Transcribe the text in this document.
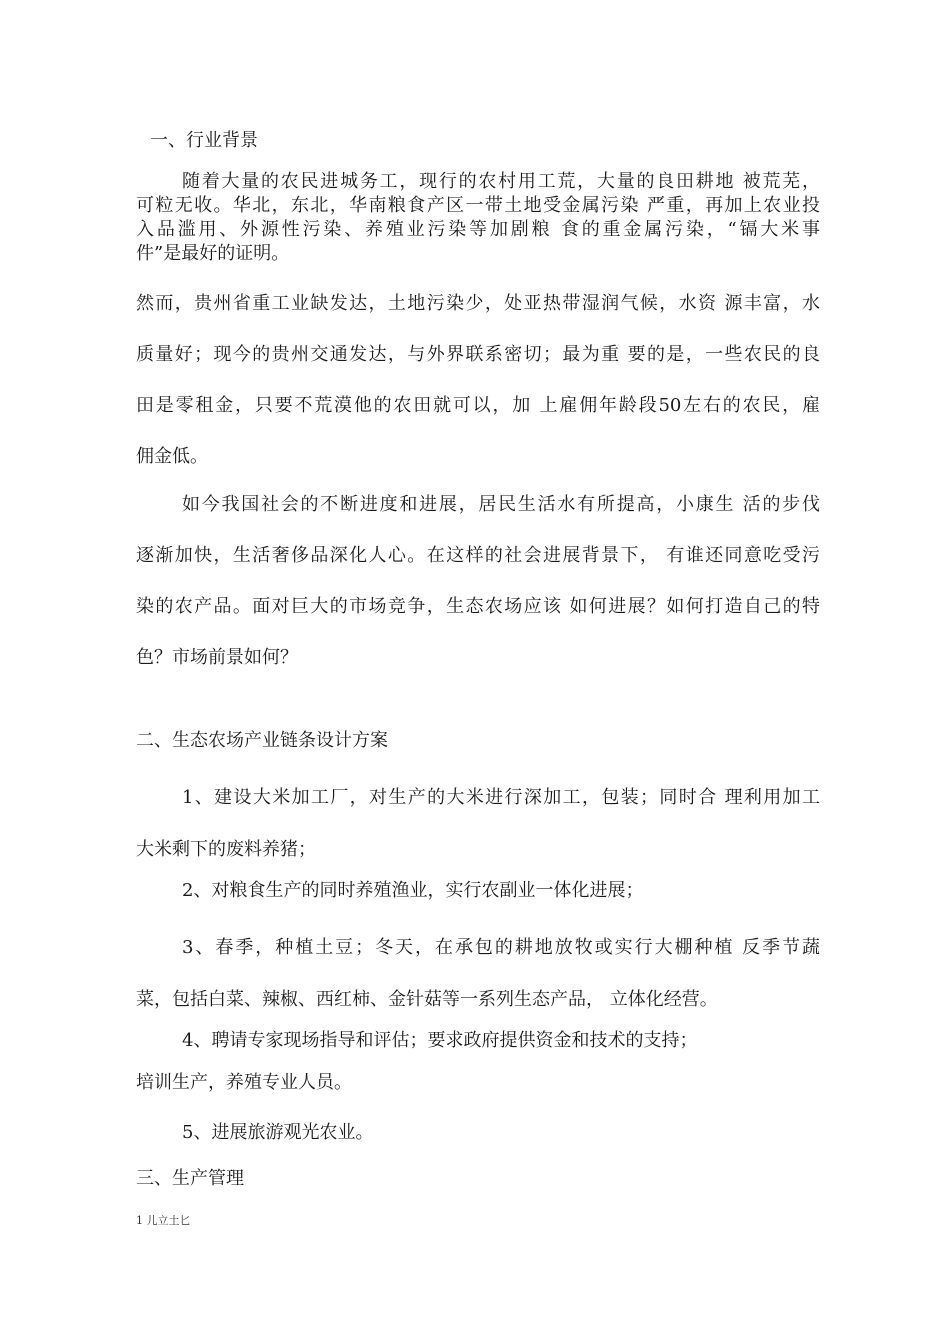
一、行业背景

随着大量的农民进城务工，现行的农村用工荒，大量的良田耕地 被荒芜，
可粒无收。华北，东北，华南粮食产区一带土地受金属污染 严重，再加上农业投
入品滥用、外源性污染、养殖业污染等加剧粮 食的重金属污染，“镉大米事
件”是最好的证明。
然而，贵州省重工业缺发达，土地污染少，处亚热带湿润气候，水资 源丰富，水
质量好；现今的贵州交通发达，与外界联系密切；最为重 要的是，一些农民的良
田是零租金，只要不荒漠他的农田就可以，加 上雇佣年龄段50左右的农民，雇
佣金低。
如今我国社会的不断进度和进展，居民生活水有所提高，小康生 活的步伐
逐渐加快，生活奢侈品深化人心。在这样的社会进展背景下， 有谁还同意吃受污
染的农产品。面对巨大的市场竞争，生态农场应该 如何进展？如何打造自己的特
色？市场前景如何？

二、生态农场产业链条设计方案

1、建设大米加工厂，对生产的大米进行深加工，包装；同时合 理利用加工
大米剩下的废料养猪；

2、对粮食生产的同时养殖渔业，实行农副业一体化进展；

3、春季，种植土豆；冬天，在承包的耕地放牧或实行大棚种植 反季节蔬
菜，包括白菜、辣椒、西红柿、金针菇等一系列生态产品， 立体化经营。

4、聘请专家现场指导和评估；要求政府提供资金和技术的支持；

培训生产，养殖专业人员。

5、进展旅游观光农业。

三、生产管理

1 儿立土匕
